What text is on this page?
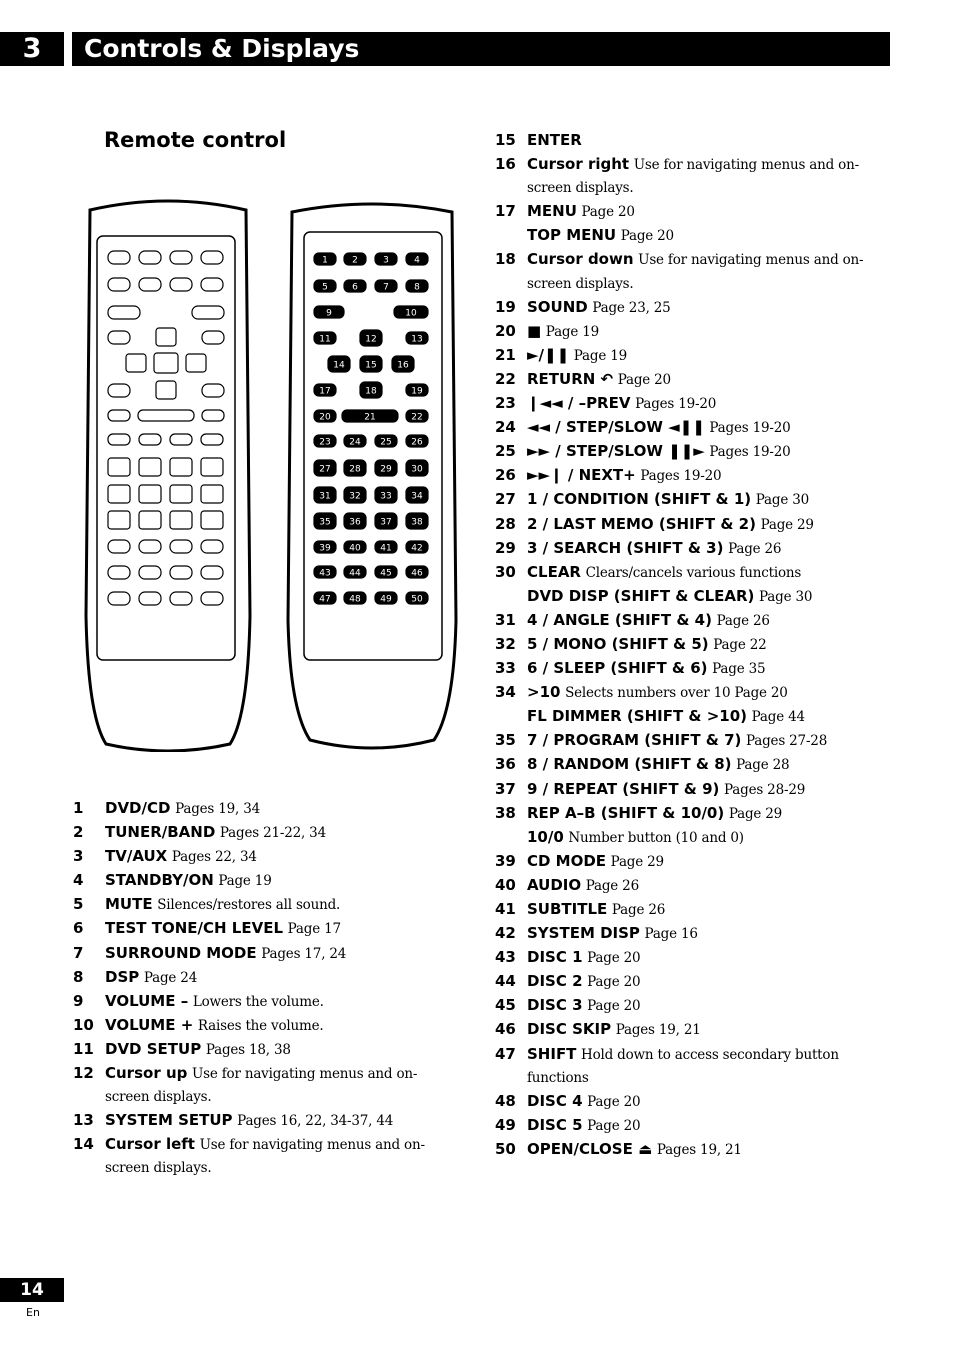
3	Controls & Displays
Remote control
1	2	3	4
5	6	7	8
9	10
11	12	13
14 15 16
17	18	19
20	21	22
23 24 25 26
27 28 29 30
31 32 33 34
35 36 37 38
39 40 41 42
43 44 45 46
47 48 49 50
1	DVD/CD Pages 19, 34
2	TUNER/BAND Pages 21-22, 34
3	TV/AUX Pages 22, 34
4	STANDBY/ON Page 19
5	MUTE Silences/restores all sound.
6	TEST TONE/CH LEVEL Page 17
7	SURROUND MODE Pages 17, 24
8	DSP Page 24
9	VOLUME – Lowers the volume.
10 VOLUME + Raises the volume.
11 DVD SETUP Pages 18, 38
12 Cursor up Use for navigating menus and on-screen displays.
13 SYSTEM SETUP Pages 16, 22, 34-37, 44
14 Cursor left Use for navigating menus and on-screen displays.
15 ENTER
16 Cursor right Use for navigating menus and on-screen displays.
17 MENU Page 20
TOP MENU Page 20
18 Cursor down Use for navigating menus and on-screen displays.
19 SOUND Page 23, 25
20 ■ Page 19
21 ►/❚❚ Page 19
22 RETURN ↶ Page 20
23 ❙◄◄ / –PREV Pages 19-20
24 ◄◄ / STEP/SLOW ◄❚❚ Pages 19-20
25 ►► / STEP/SLOW ❚❚► Pages 19-20
26 ►►❙ / NEXT+ Pages 19-20
27 1 / CONDITION (SHIFT & 1) Page 30
28 2 / LAST MEMO (SHIFT & 2) Page 29
29 3 / SEARCH (SHIFT & 3) Page 26
30 CLEAR Clears/cancels various functions
DVD DISP (SHIFT & CLEAR) Page 30
31 4 / ANGLE (SHIFT & 4) Page 26
32 5 / MONO (SHIFT & 5) Page 22
33 6 / SLEEP (SHIFT & 6) Page 35
34 >10 Selects numbers over 10 Page 20
FL DIMMER (SHIFT & >10) Page 44
35 7 / PROGRAM (SHIFT & 7) Pages 27-28
36 8 / RANDOM (SHIFT & 8) Page 28
37 9 / REPEAT (SHIFT & 9) Pages 28-29
38 REP A–B (SHIFT & 10/0) Page 29
10/0 Number button (10 and 0)
39 CD MODE Page 29
40 AUDIO Page 26
41 SUBTITLE Page 26
42 SYSTEM DISP Page 16
43 DISC 1 Page 20
44 DISC 2 Page 20
45 DISC 3 Page 20
46 DISC SKIP Pages 19, 21
47 SHIFT Hold down to access secondary button functions
48 DISC 4 Page 20
49 DISC 5 Page 20
50 OPEN/CLOSE ⏏ Pages 19, 21
14
En
